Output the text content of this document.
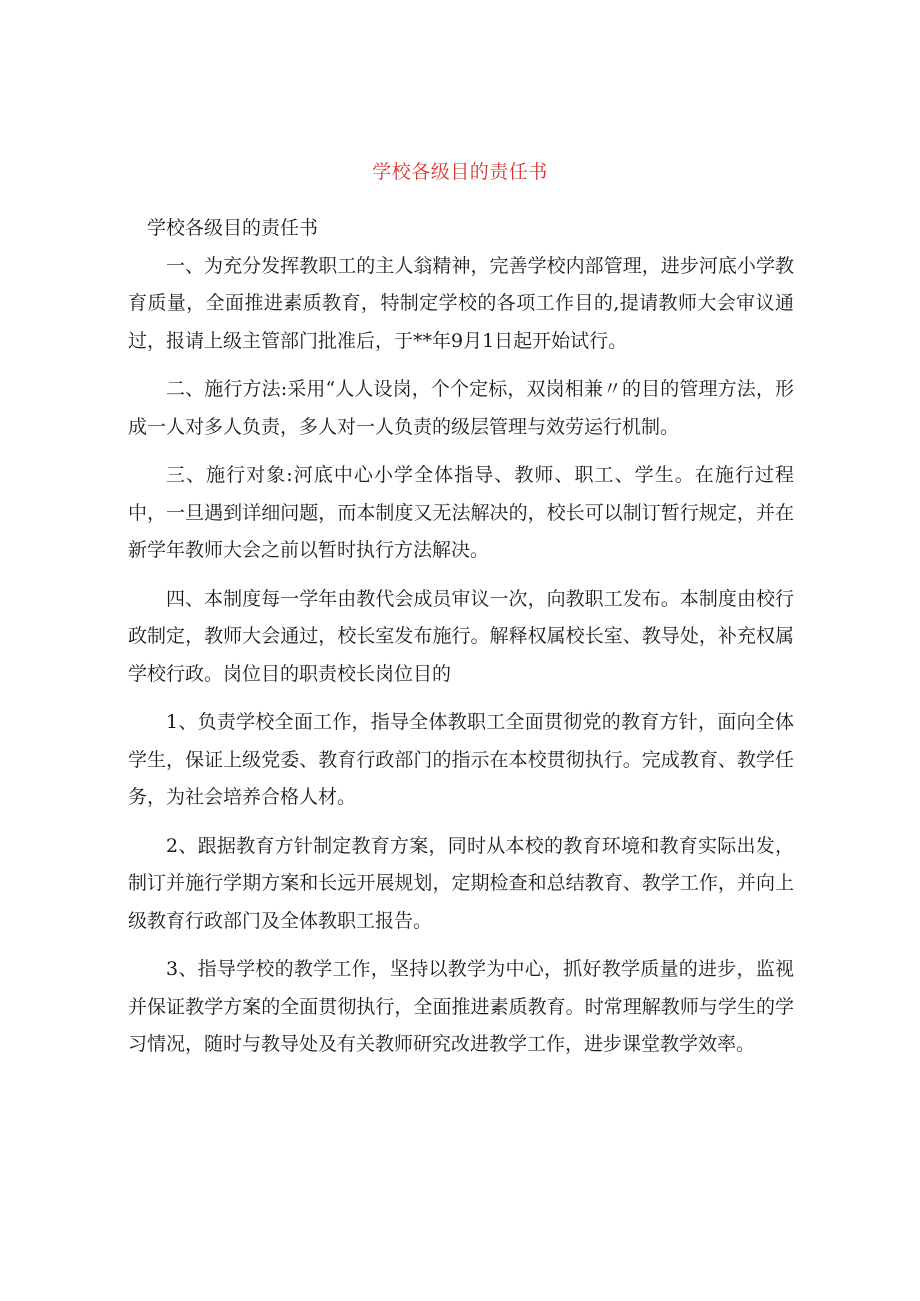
学校各级目的责任书

学校各级目的责任书

一、为充分发挥教职工的主人翁精神，完善学校内部管理，进步河底小学教育质量，全面推进素质教育，特制定学校的各项工作目的,提请教师大会审议通过，报请上级主管部门批准后，于**年9月1日起开始试行。

二、施行方法:采用“人人设岗，个个定标，双岗相兼〃的目的管理方法，形成一人对多人负责，多人对一人负责的级层管理与效劳运行机制。

三、施行对象:河底中心小学全体指导、教师、职工、学生。在施行过程中，一旦遇到详细问题，而本制度又无法解决的，校长可以制订暂行规定，并在新学年教师大会之前以暂时执行方法解决。

四、本制度每一学年由教代会成员审议一次，向教职工发布。本制度由校行政制定，教师大会通过，校长室发布施行。解释权属校长室、教导处，补充权属学校行政。岗位目的职责校长岗位目的

1、负责学校全面工作，指导全体教职工全面贯彻党的教育方针，面向全体学生，保证上级党委、教育行政部门的指示在本校贯彻执行。完成教育、教学任务，为社会培养合格人材。

2、跟据教育方针制定教育方案，同时从本校的教育环境和教育实际出发，制订并施行学期方案和长远开展规划，定期检查和总结教育、教学工作，并向上级教育行政部门及全体教职工报告。

3、指导学校的教学工作，坚持以教学为中心，抓好教学质量的进步，监视并保证教学方案的全面贯彻执行，全面推进素质教育。时常理解教师与学生的学习情况，随时与教导处及有关教师研究改进教学工作，进步课堂教学效率。
